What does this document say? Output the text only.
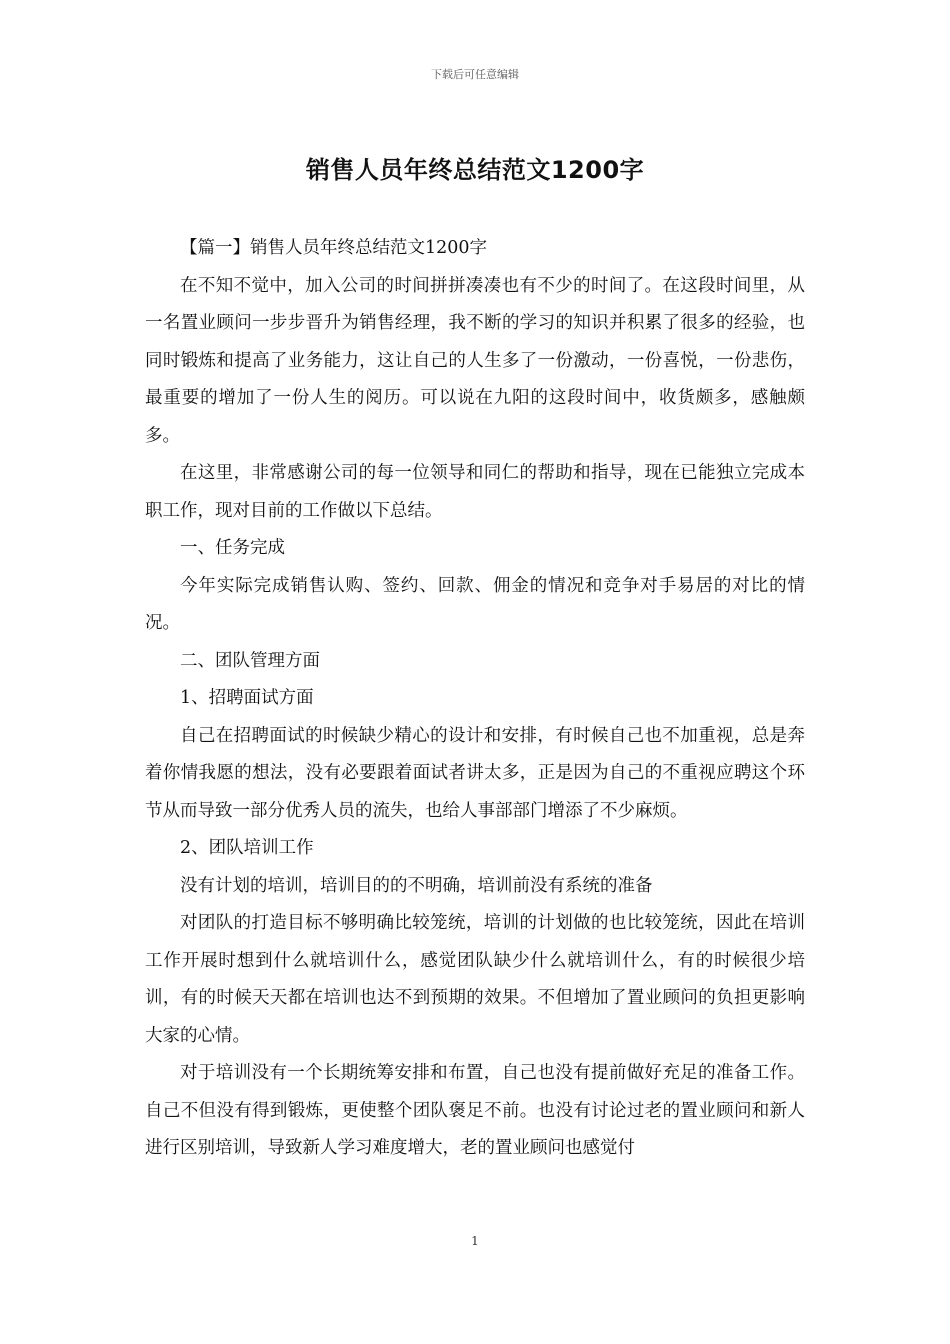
下载后可任意编辑
销售人员年终总结范文1200字

【篇一】销售人员年终总结范文1200字

在不知不觉中，加入公司的时间拼拼凑凑也有不少的时间了。在这段时间里，从一名置业顾问一步步晋升为销售经理，我不断的学习的知识并积累了很多的经验，也同时锻炼和提高了业务能力，这让自己的人生多了一份激动，一份喜悦，一份悲伤，最重要的增加了一份人生的阅历。可以说在九阳的这段时间中，收货颇多，感触颇多。

在这里，非常感谢公司的每一位领导和同仁的帮助和指导，现在已能独立完成本职工作，现对目前的工作做以下总结。

一、任务完成

今年实际完成销售认购、签约、回款、佣金的情况和竞争对手易居的对比的情况。

二、团队管理方面

1、招聘面试方面

自己在招聘面试的时候缺少精心的设计和安排，有时候自己也不加重视，总是奔着你情我愿的想法，没有必要跟着面试者讲太多，正是因为自己的不重视应聘这个环节从而导致一部分优秀人员的流失，也给人事部部门增添了不少麻烦。

2、团队培训工作

没有计划的培训，培训目的的不明确，培训前没有系统的准备

对团队的打造目标不够明确比较笼统，培训的计划做的也比较笼统，因此在培训工作开展时想到什么就培训什么，感觉团队缺少什么就培训什么，有的时候很少培训，有的时候天天都在培训也达不到预期的效果。不但增加了置业顾问的负担更影响大家的心情。

对于培训没有一个长期统筹安排和布置，自己也没有提前做好充足的准备工作。自己不但没有得到锻炼，更使整个团队褒足不前。也没有讨论过老的置业顾问和新人进行区别培训，导致新人学习难度增大，老的置业顾问也感觉付

1
